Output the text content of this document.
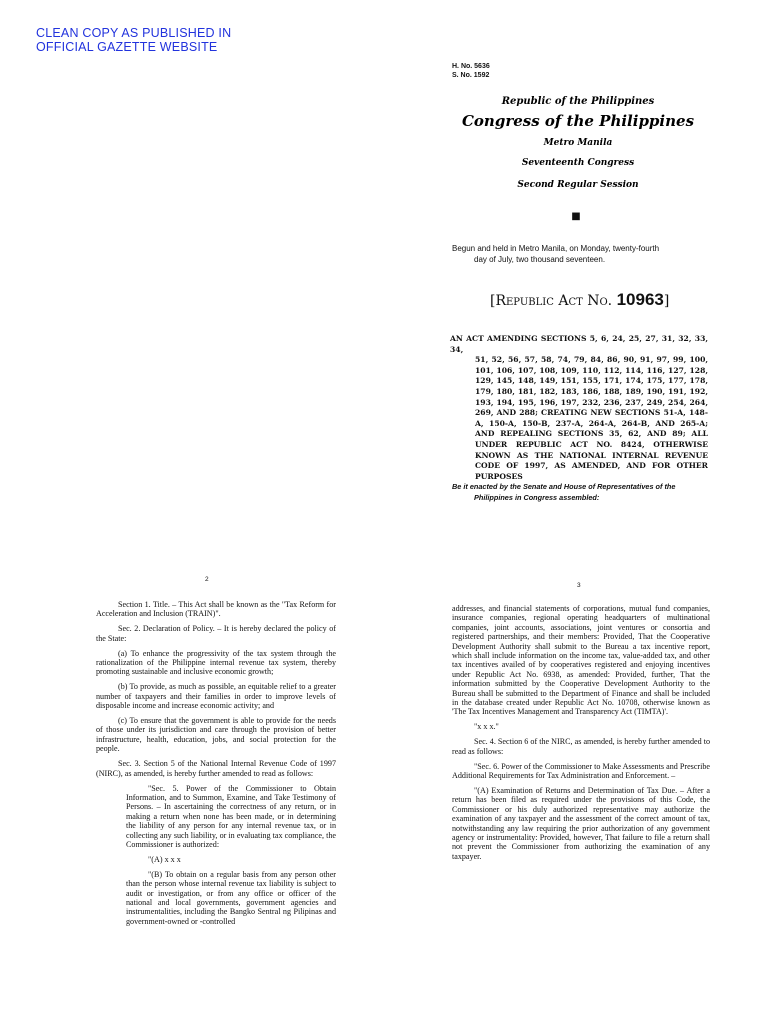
CLEAN COPY AS PUBLISHED IN OFFICIAL GAZETTE WEBSITE
H. No. 5636
S. No. 1592
Republic of the Philippines
Congress of the Philippines
Metro Manila
Seventeenth Congress
Second Regular Session
■
Begun and held in Metro Manila, on Monday, twenty-fourth
day of July, two thousand seventeen.
[Republic Act No. 10963]
AN ACT AMENDING SECTIONS 5, 6, 24, 25, 27, 31, 32, 33, 34,
51, 52, 56, 57, 58, 74, 79, 84, 86, 90, 91, 97, 99, 100, 101, 106, 107, 108, 109, 110, 112, 114, 116, 127, 128, 129, 145, 148, 149, 151, 155, 171, 174, 175, 177, 178, 179, 180, 181, 182, 183, 186, 188, 189, 190, 191, 192, 193, 194, 195, 196, 197, 232, 236, 237, 249, 254, 264, 269, AND 288; CREATING NEW SECTIONS 51-A, 148-A, 150-A, 150-B, 237-A, 264-A, 264-B, AND 265-A; AND REPEALING SECTIONS 35, 62, AND 89; ALL UNDER REPUBLIC ACT NO. 8424, OTHERWISE KNOWN AS THE NATIONAL INTERNAL REVENUE CODE OF 1997, AS AMENDED, AND FOR OTHER PURPOSES
Be it enacted by the Senate and House of Representatives of the
Philippines in Congress assembled:
2
3

Section 1. Title. – This Act shall be known as the "Tax Reform for Acceleration and Inclusion (TRAIN)".

Sec. 2. Declaration of Policy. – It is hereby declared the policy of the State:

(a) To enhance the progressivity of the tax system through the rationalization of the Philippine internal revenue tax system, thereby promoting sustainable and inclusive economic growth;

(b) To provide, as much as possible, an equitable relief to a greater number of taxpayers and their families in order to improve levels of disposable income and increase economic activity; and

(c) To ensure that the government is able to provide for the needs of those under its jurisdiction and care through the provision of better infrastructure, health, education, jobs, and social protection for the people.

Sec. 3. Section 5 of the National Internal Revenue Code of 1997 (NIRC), as amended, is hereby further amended to read as follows:

"Sec. 5. Power of the Commissioner to Obtain Information, and to Summon, Examine, and Take Testimony of Persons. – In ascertaining the correctness of any return, or in making a return when none has been made, or in determining the liability of any person for any internal revenue tax, or in collecting any such liability, or in evaluating tax compliance, the Commissioner is authorized:

"(A) x x x

"(B) To obtain on a regular basis from any person other than the person whose internal revenue tax liability is subject to audit or investigation, or from any office or officer of the national and local governments, government agencies and instrumentalities, including the Bangko Sentral ng Pilipinas and government-owned or -controlled

addresses, and financial statements of corporations, mutual fund companies, insurance companies, regional operating headquarters of multinational companies, joint accounts, associations, joint ventures or consortia and registered partnerships, and their members: Provided, That the Cooperative Development Authority shall submit to the Bureau a tax incentive report, which shall include information on the income tax, value-added tax, and other tax incentives availed of by cooperatives registered and enjoying incentives under Republic Act No. 6938, as amended: Provided, further, That the information submitted by the Cooperative Development Authority to the Bureau shall be submitted to the Department of Finance and shall be included in the database created under Republic Act No. 10708, otherwise known as 'The Tax Incentives Management and Transparency Act (TIMTA)'.

"x x x."

Sec. 4. Section 6 of the NIRC, as amended, is hereby further amended to read as follows:

"Sec. 6. Power of the Commissioner to Make Assessments and Prescribe Additional Requirements for Tax Administration and Enforcement. –

"(A) Examination of Returns and Determination of Tax Due. – After a return has been filed as required under the provisions of this Code, the Commissioner or his duly authorized representative may authorize the examination of any taxpayer and the assessment of the correct amount of tax, notwithstanding any law requiring the prior authorization of any government agency or instrumentality: Provided, however, That failure to file a return shall not prevent the Commissioner from authorizing the examination of any taxpayer.
